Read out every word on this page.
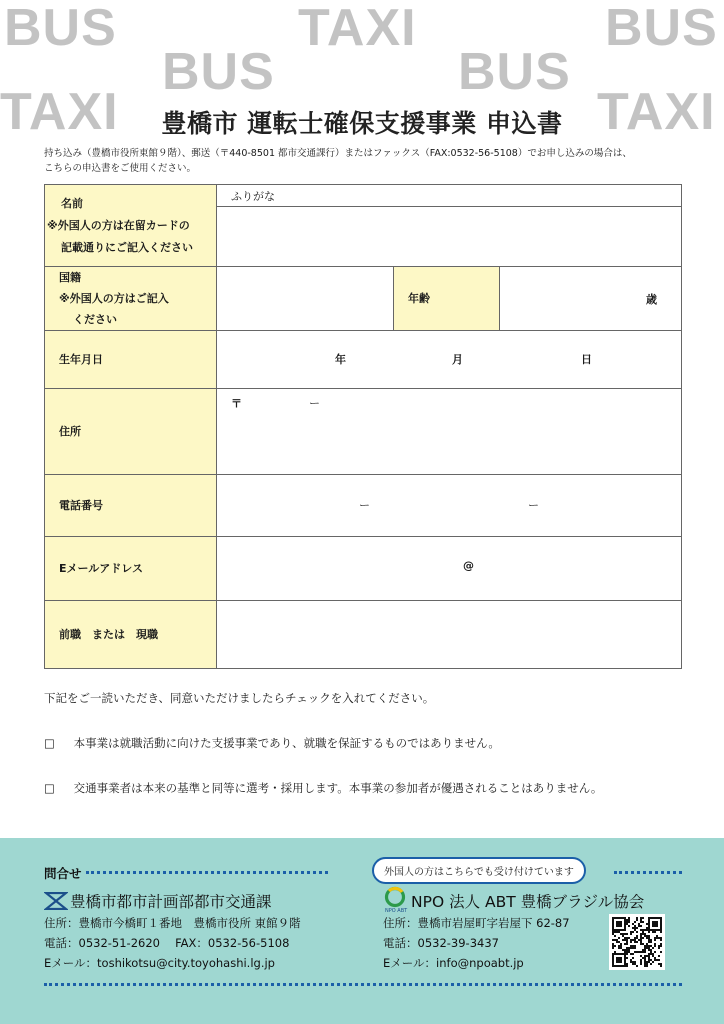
BUS	TAXI	BUS
BUS	BUS
TAXI	TAXI
豊橋市 運転士確保支援事業 申込書
持ち込み（豊橋市役所東館９階）、郵送（〒440-8501 都市交通課行）またはファックス（FAX:0532-56-5108）でお申し込みの場合は、
こちらの申込書をご使用ください。
名前
※外国人の方は在留カードの
記載通りにご記入ください	ふりがな		

国籍
※外国人の方はご記入
ください		年齢	歳
生年月日	年 月 日		

住所	〒 ー		

電話番号	ー ー		

Eメールアドレス	@		

前職　または　現職			
下記をご一読いただき、同意いただけましたらチェックを入れてください。
□ 本事業は就職活動に向けた支援事業であり、就職を保証するものではありません。
□ 交通事業者は本来の基準と同等に選考・採用します。本事業の参加者が優遇されることはありません。
問合せ	外国人の方はこちらでも受け付けています
豊橋市都市計画部都市交通課
住所：豊橋市今橋町１番地　豊橋市役所 東館９階
電話：0532-51-2620　 FAX：0532-56-5108
Eメール：toshikotsu@city.toyohashi.lg.jp
NPO ABT NPO 法人 ABT 豊橋ブラジル協会
住所：豊橋市岩屋町字岩屋下 62-87
電話：0532-39-3437
Eメール：info@npoabt.jp
